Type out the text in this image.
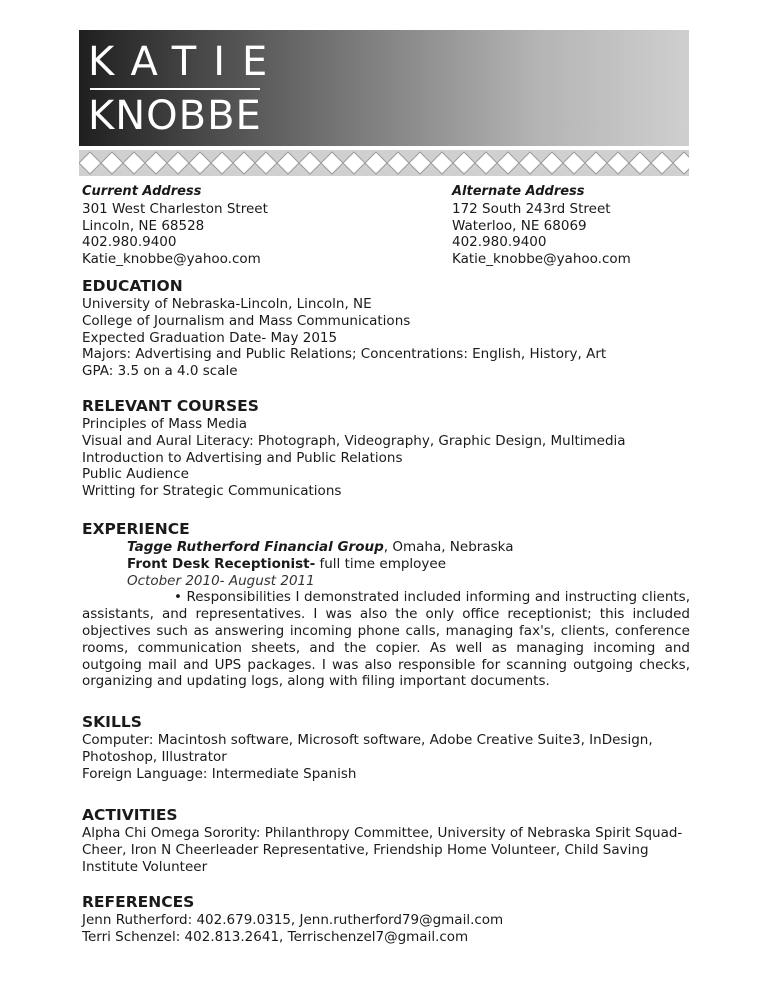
KATIE
KNOBBE
Current Address
301 West Charleston Street
Lincoln, NE 68528
402.980.9400
Katie_knobbe@yahoo.com
Alternate Address
172 South 243rd Street
Waterloo, NE 68069
402.980.9400
Katie_knobbe@yahoo.com
EDUCATION
University of Nebraska-Lincoln, Lincoln, NE
College of Journalism and Mass Communications
Expected Graduation Date- May 2015
Majors: Advertising and Public Relations; Concentrations: English, History, Art
GPA: 3.5 on a 4.0 scale
RELEVANT COURSES
Principles of Mass Media
Visual and Aural Literacy: Photograph, Videography, Graphic Design, Multimedia
Introduction to Advertising and Public Relations
Public Audience
Writting for Strategic Communications
EXPERIENCE
Tagge Rutherford Financial Group, Omaha, Nebraska
Front Desk Receptionist- full time employee
October 2010- August 2011
• Responsibilities I demonstrated included informing and instructing clients, assistants, and representatives. I was also the only office receptionist; this included objectives such as answering incoming phone calls, managing fax's, clients, conference rooms, communication sheets, and the copier. As well as managing incoming and outgoing mail and UPS packages. I was also responsible for scanning outgoing checks, organizing and updating logs, along with filing important documents.
SKILLS
Computer: Macintosh software, Microsoft software, Adobe Creative Suite3, InDesign, Photoshop, Illustrator
Foreign Language: Intermediate Spanish
ACTIVITIES
Alpha Chi Omega Sorority: Philanthropy Committee, University of Nebraska Spirit Squad-Cheer, Iron N Cheerleader Representative, Friendship Home Volunteer, Child Saving Institute Volunteer
REFERENCES
Jenn Rutherford: 402.679.0315, Jenn.rutherford79@gmail.com
Terri Schenzel: 402.813.2641, Terrischenzel7@gmail.com
